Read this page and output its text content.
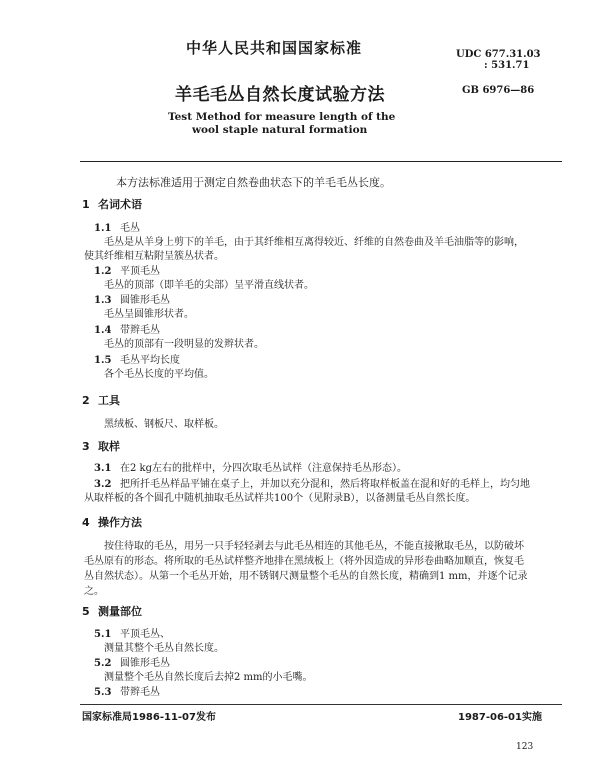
中华人民共和国国家标准	UDC 677.31.03
: 531.71
羊毛毛丛自然长度试验方法	GB 6976—86
Test Method for measure length of the
wool staple natural formation
本方法标准适用于测定自然卷曲状态下的羊毛毛丛长度。
1 名词术语
1.1 毛丛
毛丛是从羊身上剪下的羊毛，由于其纤维相互离得较近、纤维的自然卷曲及羊毛油脂等的影响，
使其纤维相互粘附呈簇丛状者。
1.2 平顶毛丛
毛丛的顶部（即羊毛的尖部）呈平滑直线状者。
1.3 圆锥形毛丛
毛丛呈圆锥形状者。
1.4 带辫毛丛
毛丛的顶部有一段明显的发辫状者。
1.5 毛丛平均长度
各个毛丛长度的平均值。
2 工具
黑绒板、钢板尺、取样板。
3 取样
3.1 在2 kg左右的批样中，分四次取毛丛试样（注意保持毛丛形态）。
3.2 把所扦毛丛样品平铺在桌子上，并加以充分混和，然后将取样板盖在混和好的毛样上，均匀地
从取样板的各个圆孔中随机抽取毛丛试样共100个（见附录B），以备测量毛丛自然长度。
4 操作方法
按住待取的毛丛，用另一只手轻轻剥去与此毛丛相连的其他毛丛，不能直接揪取毛丛，以防破坏
毛丛原有的形态。将所取的毛丛试样整齐地排在黑绒板上（将外因造成的异形卷曲略加顺直，恢复毛
丛自然状态）。从第一个毛丛开始，用不锈钢尺测量整个毛丛的自然长度，精确到1 mm，并逐个记录
之。
5 测量部位
5.1 平顶毛丛、
测量其整个毛丛自然长度。
5.2 圆锥形毛丛
测量整个毛丛自然长度后去掉2 mm的小毛嘴。
5.3 带辫毛丛
国家标准局1986-11-07发布	1987-06-01实施
123
